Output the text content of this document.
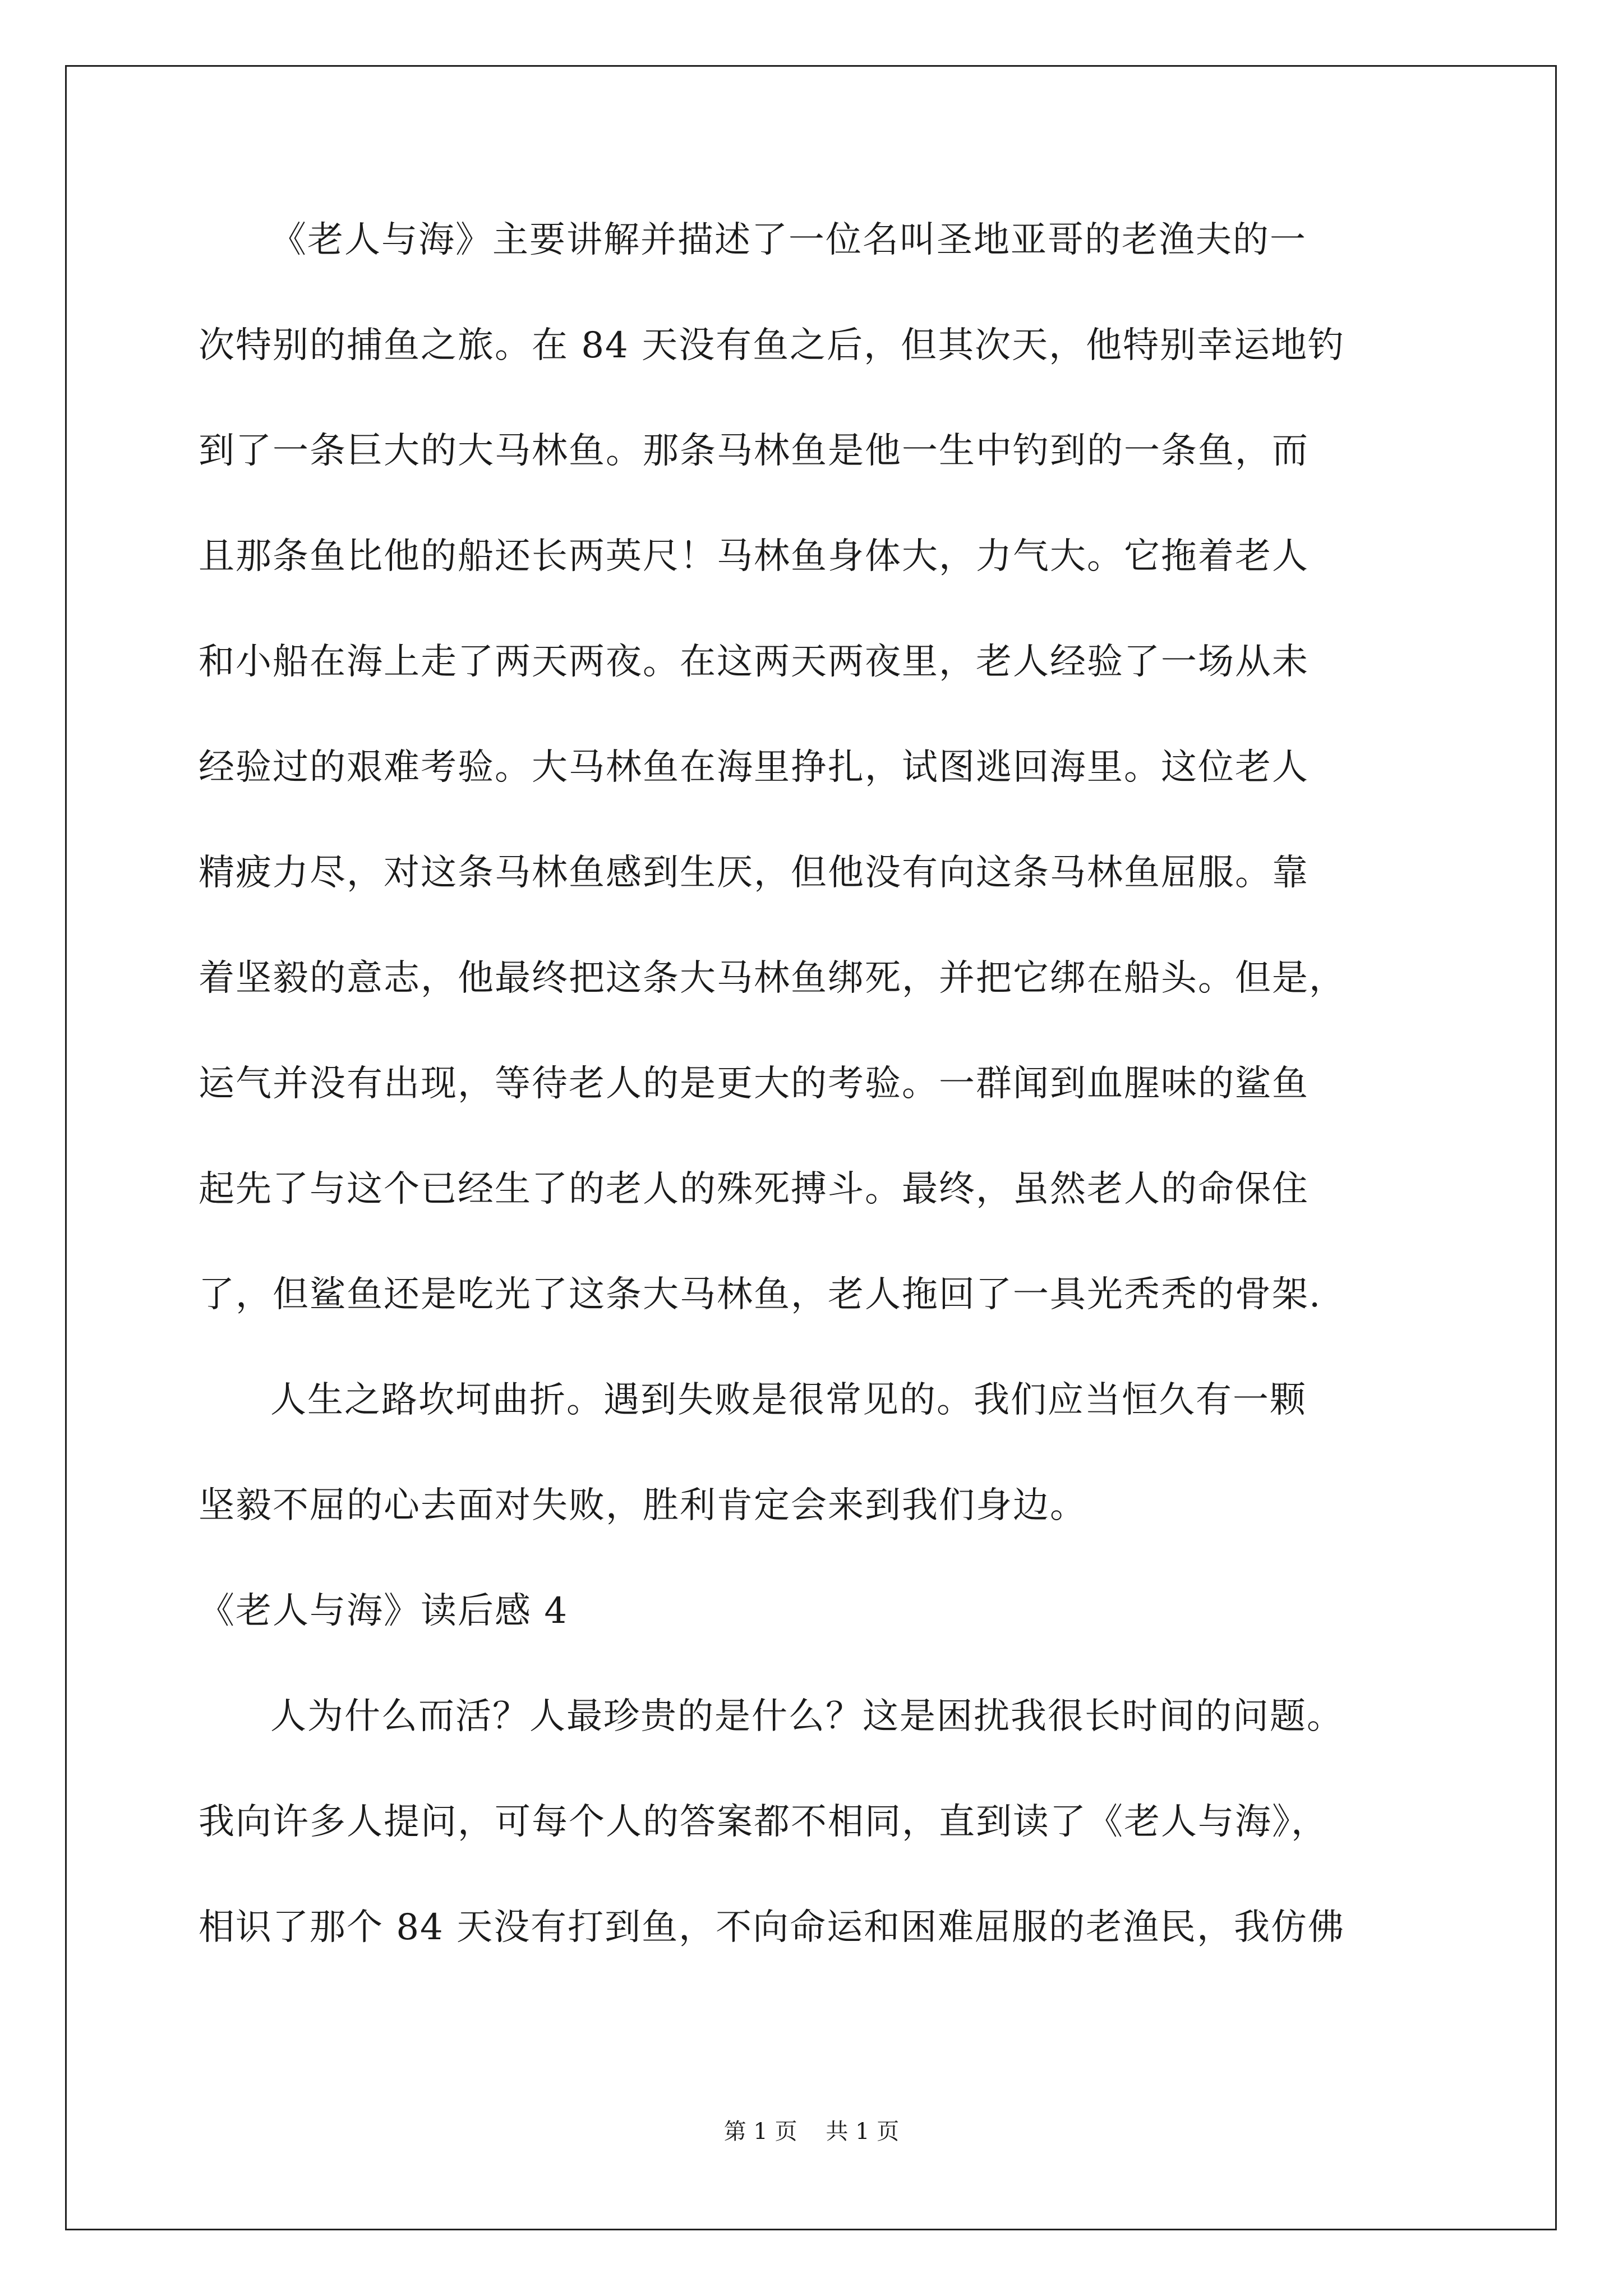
《老人与海》主要讲解并描述了一位名叫圣地亚哥的老渔夫的一
次特别的捕鱼之旅。在 84 天没有鱼之后，但其次天，他特别幸运地钓
到了一条巨大的大马林鱼。那条马林鱼是他一生中钓到的一条鱼，而
且那条鱼比他的船还长两英尺！马林鱼身体大，力气大。它拖着老人
和小船在海上走了两天两夜。在这两天两夜里，老人经验了一场从未
经验过的艰难考验。大马林鱼在海里挣扎，试图逃回海里。这位老人
精疲力尽，对这条马林鱼感到生厌，但他没有向这条马林鱼屈服。靠
着坚毅的意志，他最终把这条大马林鱼绑死，并把它绑在船头。但是，
运气并没有出现，等待老人的是更大的考验。一群闻到血腥味的鲨鱼
起先了与这个已经生了的老人的殊死搏斗。最终，虽然老人的命保住
了，但鲨鱼还是吃光了这条大马林鱼，老人拖回了一具光秃秃的骨架.
人生之路坎坷曲折。遇到失败是很常见的。我们应当恒久有一颗
坚毅不屈的心去面对失败，胜利肯定会来到我们身边。
《老人与海》读后感 4
人为什么而活？人最珍贵的是什么？这是困扰我很长时间的问题。
我向许多人提问，可每个人的答案都不相同，直到读了《老人与海》，
相识了那个 84 天没有打到鱼，不向命运和困难屈服的老渔民，我仿佛
第 1 页    共 1 页
